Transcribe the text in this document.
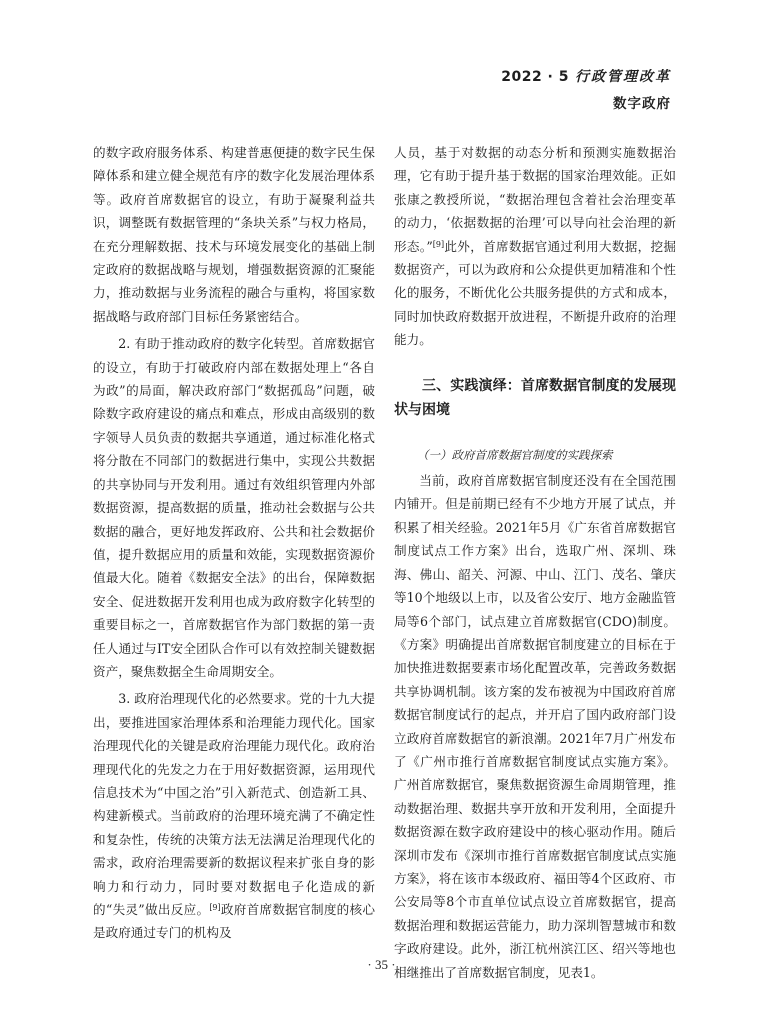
2022 · 5 行政管理改革
数字政府

的数字政府服务体系、构建普惠便捷的数字民生保障体系和建立健全规范有序的数字化发展治理体系等。政府首席数据官的设立，有助于凝聚利益共识，调整既有数据管理的“条块关系”与权力格局，在充分理解数据、技术与环境发展变化的基础上制定政府的数据战略与规划，增强数据资源的汇聚能力，推动数据与业务流程的融合与重构，将国家数据战略与政府部门目标任务紧密结合。

2. 有助于推动政府的数字化转型。首席数据官的设立，有助于打破政府内部在数据处理上“各自为政”的局面，解决政府部门“数据孤岛”问题，破除数字政府建设的痛点和难点，形成由高级别的数字领导人员负责的数据共享通道，通过标准化格式将分散在不同部门的数据进行集中，实现公共数据的共享协同与开发利用。通过有效组织管理内外部数据资源，提高数据的质量，推动社会数据与公共数据的融合，更好地发挥政府、公共和社会数据价值，提升数据应用的质量和效能，实现数据资源价值最大化。随着《数据安全法》的出台，保障数据安全、促进数据开发利用也成为政府数字化转型的重要目标之一，首席数据官作为部门数据的第一责任人通过与IT安全团队合作可以有效控制关键数据资产，聚焦数据全生命周期安全。

3. 政府治理现代化的必然要求。党的十九大提出，要推进国家治理体系和治理能力现代化。国家治理现代化的关键是政府治理能力现代化。政府治理现代化的先发之力在于用好数据资源，运用现代信息技术为“中国之治”引入新范式、创造新工具、构建新模式。当前政府的治理环境充满了不确定性和复杂性，传统的决策方法无法满足治理现代化的需求，政府治理需要新的数据议程来扩张自身的影响力和行动力，同时要对数据电子化造成的新的“失灵”做出反应。[9]政府首席数据官制度的核心是政府通过专门的机构及

人员，基于对数据的动态分析和预测实施数据治理，它有助于提升基于数据的国家治理效能。正如张康之教授所说，“数据治理包含着社会治理变革的动力，‘依据数据的治理’可以导向社会治理的新形态。”[9]此外，首席数据官通过利用大数据，挖掘数据资产，可以为政府和公众提供更加精准和个性化的服务，不断优化公共服务提供的方式和成本，同时加快政府数据开放进程，不断提升政府的治理能力。

三、实践演绎：首席数据官制度的发展现状与困境
（一）政府首席数据官制度的实践探索

当前，政府首席数据官制度还没有在全国范围内铺开。但是前期已经有不少地方开展了试点，并积累了相关经验。2021年5月《广东省首席数据官制度试点工作方案》出台，选取广州、深圳、珠海、佛山、韶关、河源、中山、江门、茂名、肇庆等10个地级以上市，以及省公安厅、地方金融监管局等6个部门，试点建立首席数据官(CDO)制度。《方案》明确提出首席数据官制度建立的目标在于加快推进数据要素市场化配置改革，完善政务数据共享协调机制。该方案的发布被视为中国政府首席数据官制度试行的起点，并开启了国内政府部门设立政府首席数据官的新浪潮。2021年7月广州发布了《广州市推行首席数据官制度试点实施方案》。广州首席数据官，聚焦数据资源生命周期管理，推动数据治理、数据共享开放和开发利用，全面提升数据资源在数字政府建设中的核心驱动作用。随后深圳市发布《深圳市推行首席数据官制度试点实施方案》，将在该市本级政府、福田等4个区政府、市公安局等8个市直单位试点设立首席数据官，提高数据治理和数据运营能力，助力深圳智慧城市和数字政府建设。此外，浙江杭州滨江区、绍兴等地也相继推出了首席数据官制度，见表1。

· 35 ·
